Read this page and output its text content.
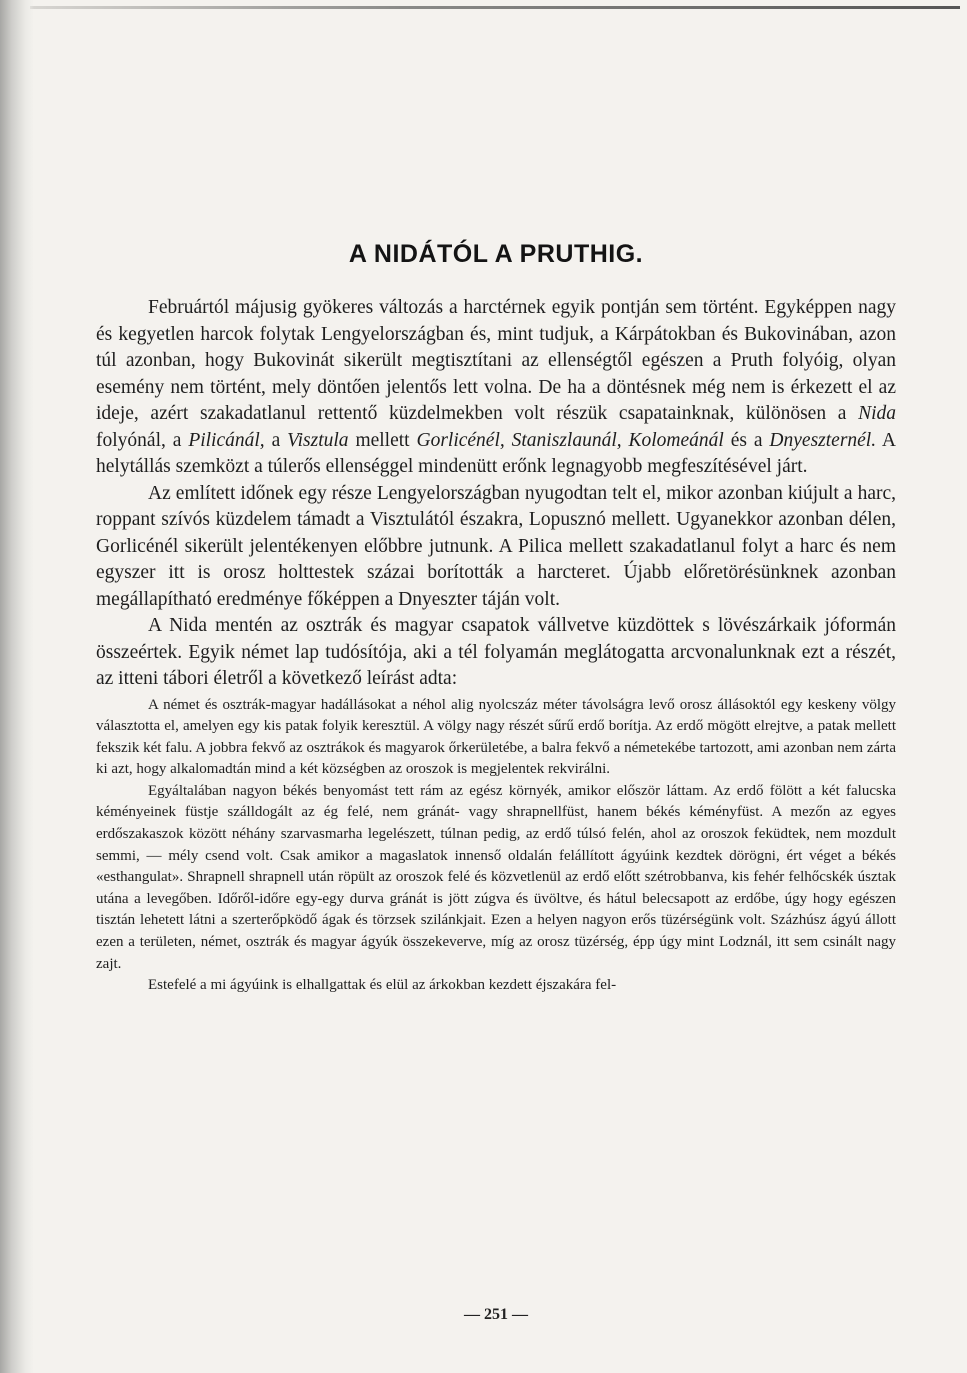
A NIDÁTÓL A PRUTHIG.

Februártól májusig gyökeres változás a harctérnek egyik pontján sem történt. Egyképpen nagy és kegyetlen harcok folytak Lengyelországban és, mint tudjuk, a Kárpátokban és Bukovinában, azon túl azonban, hogy Bukovinát sikerült megtisztítani az ellenségtől egészen a Pruth folyóig, olyan esemény nem történt, mely döntően jelentős lett volna. De ha a döntésnek még nem is érkezett el az ideje, azért szakadatlanul rettentő küzdelmekben volt részük csapatainknak, különösen a Nida folyónál, a Pilicánál, a Visztula mellett Gorlicénél, Staniszlaunál, Kolomeánál és a Dnyeszternél. A helytállás szemközt a túlerős ellenséggel mindenütt erőnk legnagyobb megfeszítésével járt.

Az említett időnek egy része Lengyelországban nyugodtan telt el, mikor azonban kiújult a harc, roppant szívós küzdelem támadt a Visztulától északra, Lopusznó mellett. Ugyanekkor azonban délen, Gorlicénél sikerült jelentékenyen előbbre jutnunk. A Pilica mellett szakadatlanul folyt a harc és nem egyszer itt is orosz holttestek százai borították a harcteret. Újabb előretörésünknek azonban megállapítható eredménye főképpen a Dnyeszter táján volt.

A Nida mentén az osztrák és magyar csapatok vállvetve küzdöttek s lövészárkaik jóformán összeértek. Egyik német lap tudósítója, aki a tél folyamán meglátogatta arcvonalunknak ezt a részét, az itteni tábori életről a következő leírást adta:

A német és osztrák-magyar hadállásokat a néhol alig nyolcszáz méter távolságra levő orosz állásoktól egy keskeny völgy választotta el, amelyen egy kis patak folyik keresztül. A völgy nagy részét sűrű erdő borítja. Az erdő mögött elrejtve, a patak mellett fekszik két falu. A jobbra fekvő az osztrákok és magyarok őrkerületébe, a balra fekvő a németekébe tartozott, ami azonban nem zárta ki azt, hogy alkalomadtán mind a két községben az oroszok is megjelentek rekvirálni.

Egyáltalában nagyon békés benyomást tett rám az egész környék, amikor először láttam. Az erdő fölött a két falucska kéményeinek füstje szálldogált az ég felé, nem gránát- vagy shrapnellfüst, hanem békés kéményfüst. A mezőn az egyes erdőszakaszok között néhány szarvasmarha legelészett, túlnan pedig, az erdő túlsó felén, ahol az oroszok feküdtek, nem mozdult semmi, — mély csend volt. Csak amikor a magaslatok innenső oldalán felállított ágyúink kezdtek dörögni, ért véget a békés «esthangulat». Shrapnell shrapnell után röpült az oroszok felé és közvetlenül az erdő előtt szétrobbanva, kis fehér felhőcskék úsztak utána a levegőben. Időről-időre egy-egy durva gránát is jött zúgva és üvöltve, és hátul belecsapott az erdőbe, úgy hogy egészen tisztán lehetett látni a szerterőpködő ágak és törzsek szilánkjait. Ezen a helyen nagyon erős tüzérségünk volt. Százhúsz ágyú állott ezen a területen, német, osztrák és magyar ágyúk összekeverve, míg az orosz tüzérség, épp úgy mint Lodznál, itt sem csinált nagy zajt.

Estefelé a mi ágyúink is elhallgattak és elül az árkokban kezdett éjszakára fel-

— 251 —
